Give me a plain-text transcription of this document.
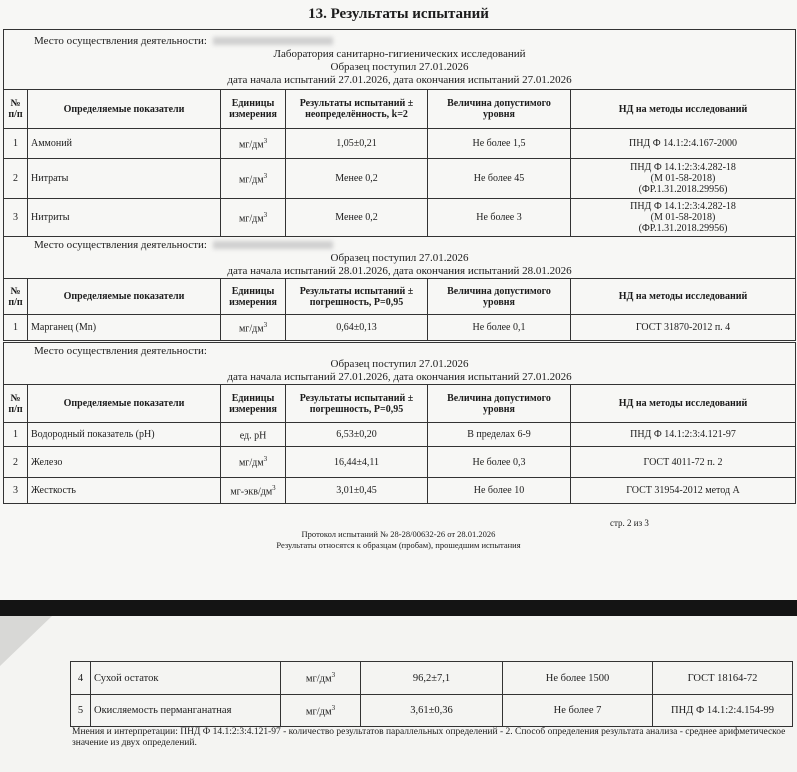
13. Результаты испытаний
Место осуществления деятельности:
Лаборатория санитарно-гигиенических исследований
Образец поступил 27.01.2026
дата начала испытаний 27.01.2026, дата окончания испытаний 27.01.2026					

№ п/п	Определяемые показатели	Единицы измерения	Результаты испытаний ± неопределённость, k=2	Величина допустимого уровня	НД на методы исследований
1	Аммоний	$мг/дм^3$	1,05±0,21	Не более 1,5	ПНД Ф 14.1:2:4.167-2000

2	Нитраты	$мг/дм^3$	Менее 0,2	Не более 45	ПНД Ф 14.1:2:3:4.282-18
(М 01-58-2018)
(ФР.1.31.2018.29956)

3	Нитриты	$мг/дм^3$	Менее 0,2	Не более 3	ПНД Ф 14.1:2:3:4.282-18
(М 01-58-2018)
(ФР.1.31.2018.29956)
Место осуществления деятельности:
Образец поступил 27.01.2026
дата начала испытаний 28.01.2026, дата окончания испытаний 28.01.2026					

№ п/п	Определяемые показатели	Единицы измерения	Результаты испытаний ± погрешность, P=0,95	Величина допустимого уровня	НД на методы исследований
1	Марганец (Mn)	$мг/дм^3$	0,64±0,13	Не более 0,1	ГОСТ 31870-2012 п. 4
Место осуществления деятельности:
Образец поступил 27.01.2026
дата начала испытаний 27.01.2026, дата окончания испытаний 27.01.2026					

№ п/п	Определяемые показатели	Единицы измерения	Результаты испытаний ± погрешность, P=0,95	Величина допустимого уровня	НД на методы исследований
1	Водородный показатель (pH)	ед. pH	6,53±0,20	В пределах 6-9	ПНД Ф 14.1:2:3:4.121-97

2	Железо	$мг/дм^3$	16,44±4,11	Не более 0,3	ГОСТ 4011-72 п. 2

3	Жесткость	$мг-экв/дм^3$	3,01±0,45	Не более 10	ГОСТ 31954-2012 метод А
стр. 2 из 3
Протокол испытаний № 28-28/00632-26 от 28.01.2026
Результаты относятся к образцам (пробам), прошедшим испытания
4	Сухой остаток	$мг/дм^3$	96,2±7,1	Не более 1500	ГОСТ 18164-72
5	Окисляемость перманганатная	$мг/дм^3$	3,61±0,36	Не более 7	ПНД Ф 14.1:2:4.154-99
Мнения и интерпретации: ПНД Ф 14.1:2:3:4.121-97 - количество результатов параллельных определений - 2. Способ определения результата анализа - среднее арифметическое значение из двух определений.
